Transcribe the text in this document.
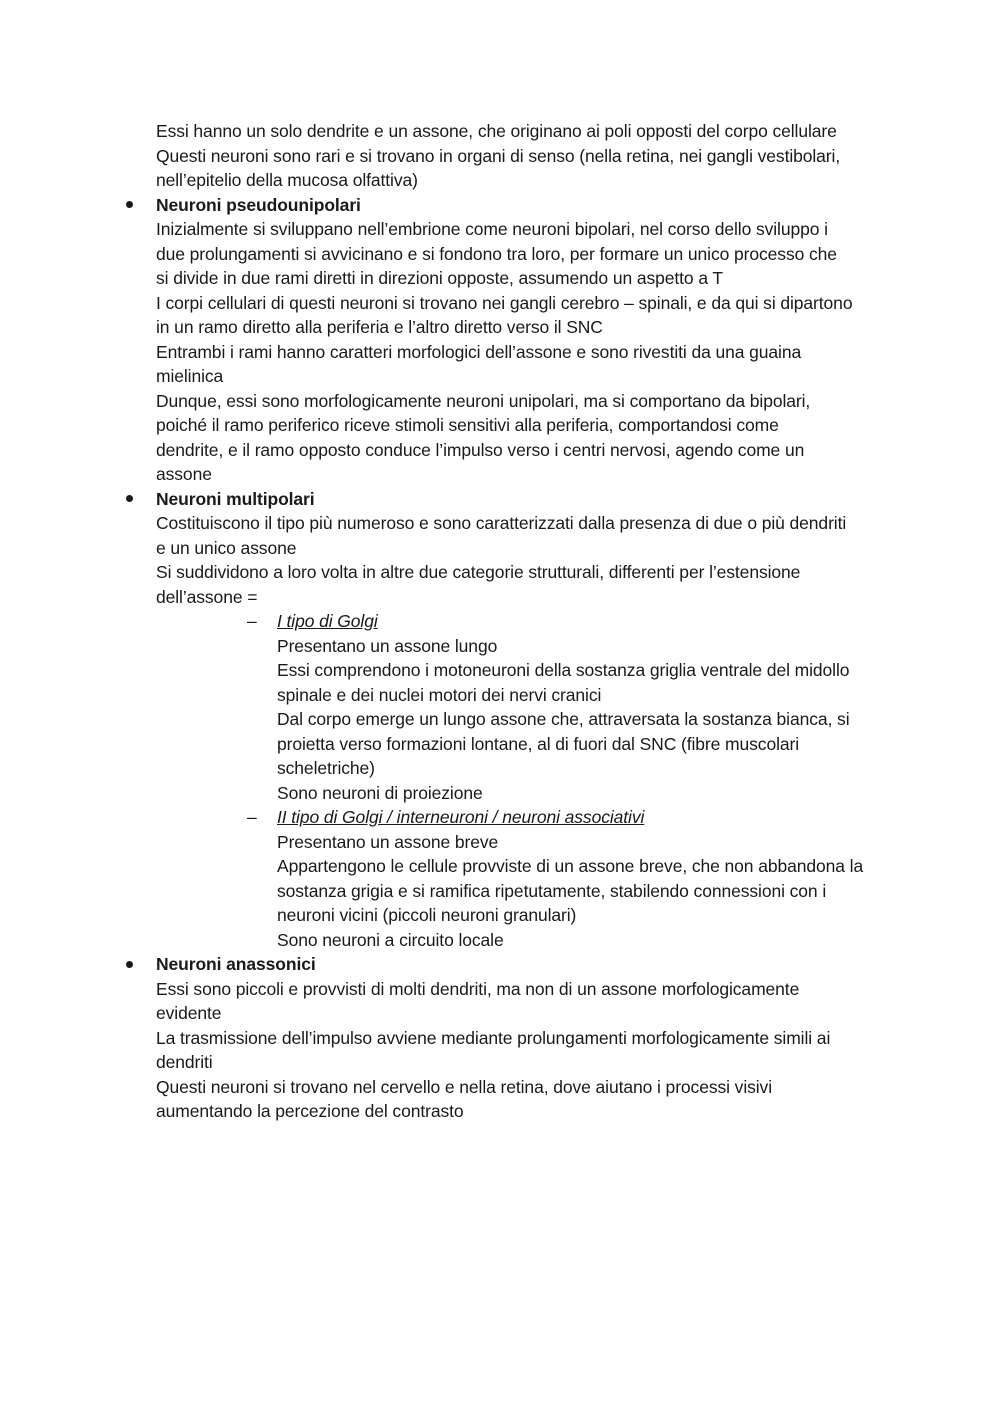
Essi hanno un solo dendrite e un assone, che originano ai poli opposti del corpo cellulare
Questi neuroni sono rari e si trovano in organi di senso (nella retina, nei gangli vestibolari,
nell’epitelio della mucosa olfattiva)
Neuroni pseudounipolari
Inizialmente si sviluppano nell’embrione come neuroni bipolari, nel corso dello sviluppo i
due prolungamenti si avvicinano e si fondono tra loro, per formare un unico processo che
si divide in due rami diretti in direzioni opposte, assumendo un aspetto a T
I corpi cellulari di questi neuroni si trovano nei gangli cerebro – spinali, e da qui si dipartono
in un ramo diretto alla periferia e l’altro diretto verso il SNC
Entrambi i rami hanno caratteri morfologici dell’assone e sono rivestiti da una guaina
mielinica
Dunque, essi sono morfologicamente neuroni unipolari, ma si comportano da bipolari,
poiché il ramo periferico riceve stimoli sensitivi alla periferia, comportandosi come
dendrite, e il ramo opposto conduce l’impulso verso i centri nervosi, agendo come un
assone
Neuroni multipolari
Costituiscono il tipo più numeroso e sono caratterizzati dalla presenza di due o più dendriti
e un unico assone
Si suddividono a loro volta in altre due categorie strutturali, differenti per l’estensione
dell’assone =
– I tipo di Golgi
Presentano un assone lungo
Essi comprendono i motoneuroni della sostanza griglia ventrale del midollo
spinale e dei nuclei motori dei nervi cranici
Dal corpo emerge un lungo assone che, attraversata la sostanza bianca, si
proietta verso formazioni lontane, al di fuori dal SNC (fibre muscolari
scheletriche)
Sono neuroni di proiezione
– II tipo di Golgi / interneuroni / neuroni associativi
Presentano un assone breve
Appartengono le cellule provviste di un assone breve, che non abbandona la
sostanza grigia e si ramifica ripetutamente, stabilendo connessioni con i
neuroni vicini (piccoli neuroni granulari)
Sono neuroni a circuito locale
Neuroni anassonici
Essi sono piccoli e provvisti di molti dendriti, ma non di un assone morfologicamente
evidente
La trasmissione dell’impulso avviene mediante prolungamenti morfologicamente simili ai
dendriti
Questi neuroni si trovano nel cervello e nella retina, dove aiutano i processi visivi
aumentando la percezione del contrasto
